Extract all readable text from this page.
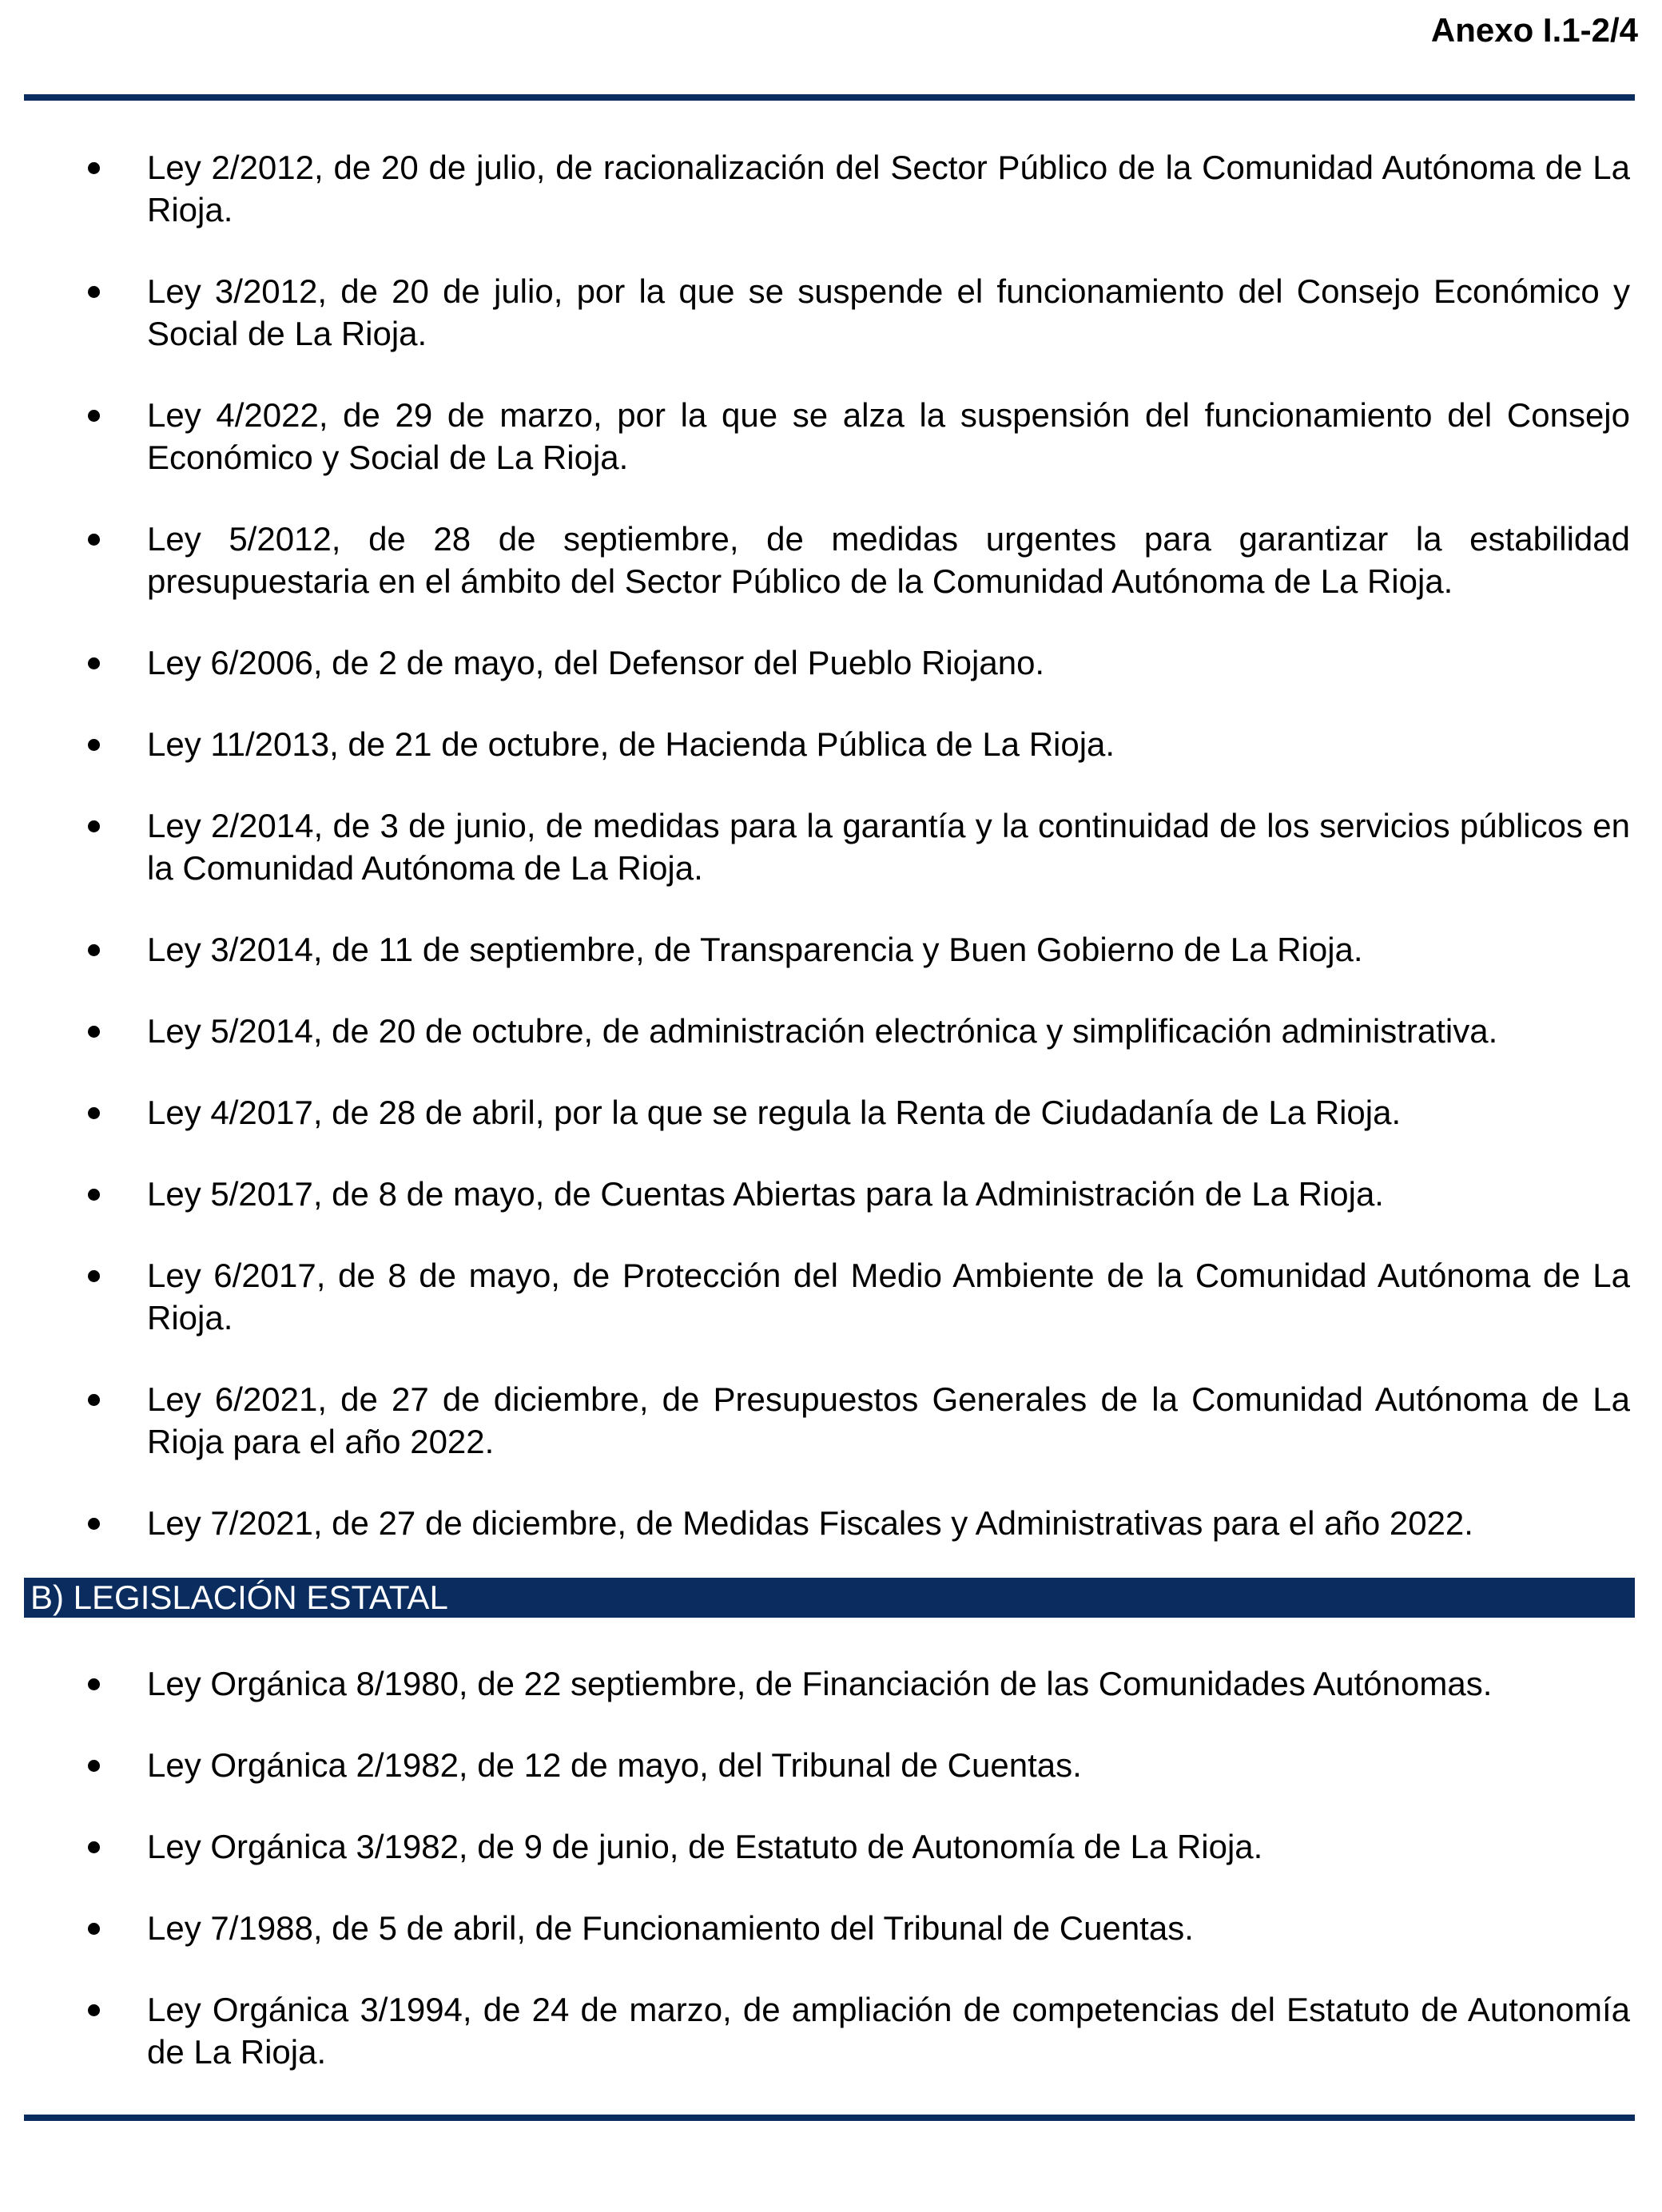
Anexo I.1-2/4
Ley 2/2012, de 20 de julio, de racionalización del Sector Público de la Comunidad Autónoma de La Rioja.
Ley 3/2012, de 20 de julio, por la que se suspende el funcionamiento del Consejo Económico y Social de La Rioja.
Ley 4/2022, de 29 de marzo, por la que se alza la suspensión del funcionamiento del Consejo Económico y Social de La Rioja.
Ley 5/2012, de 28 de septiembre, de medidas urgentes para garantizar la estabilidad presupuestaria en el ámbito del Sector Público de la Comunidad Autónoma de La Rioja.
Ley 6/2006, de 2 de mayo, del Defensor del Pueblo Riojano.
Ley 11/2013, de 21 de octubre, de Hacienda Pública de La Rioja.
Ley 2/2014, de 3 de junio, de medidas para la garantía y la continuidad de los servicios públicos en la Comunidad Autónoma de La Rioja.
Ley 3/2014, de 11 de septiembre, de Transparencia y Buen Gobierno de La Rioja.
Ley 5/2014, de 20 de octubre, de administración electrónica y simplificación administrativa.
Ley 4/2017, de 28 de abril, por la que se regula la Renta de Ciudadanía de La Rioja.
Ley 5/2017, de 8 de mayo, de Cuentas Abiertas para la Administración de La Rioja.
Ley 6/2017, de 8 de mayo, de Protección del Medio Ambiente de la Comunidad Autónoma de La Rioja.
Ley 6/2021, de 27 de diciembre, de Presupuestos Generales de la Comunidad Autónoma de La Rioja para el año 2022.
Ley 7/2021, de 27 de diciembre, de Medidas Fiscales y Administrativas para el año 2022.
B) LEGISLACIÓN ESTATAL
Ley Orgánica 8/1980, de 22 septiembre, de Financiación de las Comunidades Autónomas.
Ley Orgánica 2/1982, de 12 de mayo, del Tribunal de Cuentas.
Ley Orgánica 3/1982, de 9 de junio, de Estatuto de Autonomía de La Rioja.
Ley 7/1988, de 5 de abril, de Funcionamiento del Tribunal de Cuentas.
Ley Orgánica 3/1994, de 24 de marzo, de ampliación de competencias del Estatuto de Autonomía de La Rioja.
